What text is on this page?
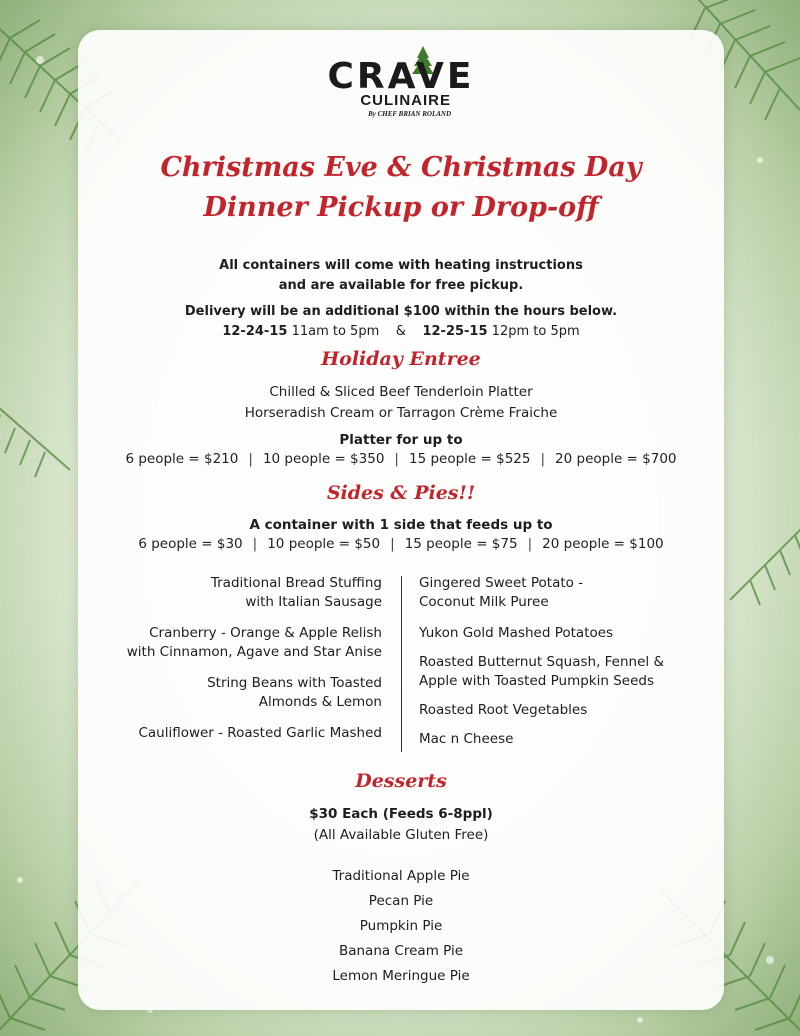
CRAVE
CULINAIRE
By CHEF BRIAN ROLAND
Christmas Eve & Christmas Day
Dinner Pickup or Drop-off
All containers will come with heating instructions
and are available for free pickup.
Delivery will be an additional $100 within the hours below.
12-24-15 11am to 5pm & 12-25-15 12pm to 5pm
Holiday Entree
Chilled & Sliced Beef Tenderloin Platter
Horseradish Cream or Tarragon Crème Fraiche
Platter for up to
6 people = $210 | 10 people = $350 | 15 people = $525 | 20 people = $700
Sides & Pies!!
A container with 1 side that feeds up to
6 people = $30 | 10 people = $50 | 15 people = $75 | 20 people = $100
Traditional Bread Stuffing
with Italian Sausage
Cranberry - Orange & Apple Relish
with Cinnamon, Agave and Star Anise
String Beans with Toasted
Almonds & Lemon
Cauliflower - Roasted Garlic Mashed
Gingered Sweet Potato -
Coconut Milk Puree
Yukon Gold Mashed Potatoes
Roasted Butternut Squash, Fennel &
Apple with Toasted Pumpkin Seeds
Roasted Root Vegetables
Mac n Cheese
Desserts
$30 Each (Feeds 6-8ppl)
(All Available Gluten Free)
Traditional Apple Pie
Pecan Pie
Pumpkin Pie
Banana Cream Pie
Lemon Meringue Pie
